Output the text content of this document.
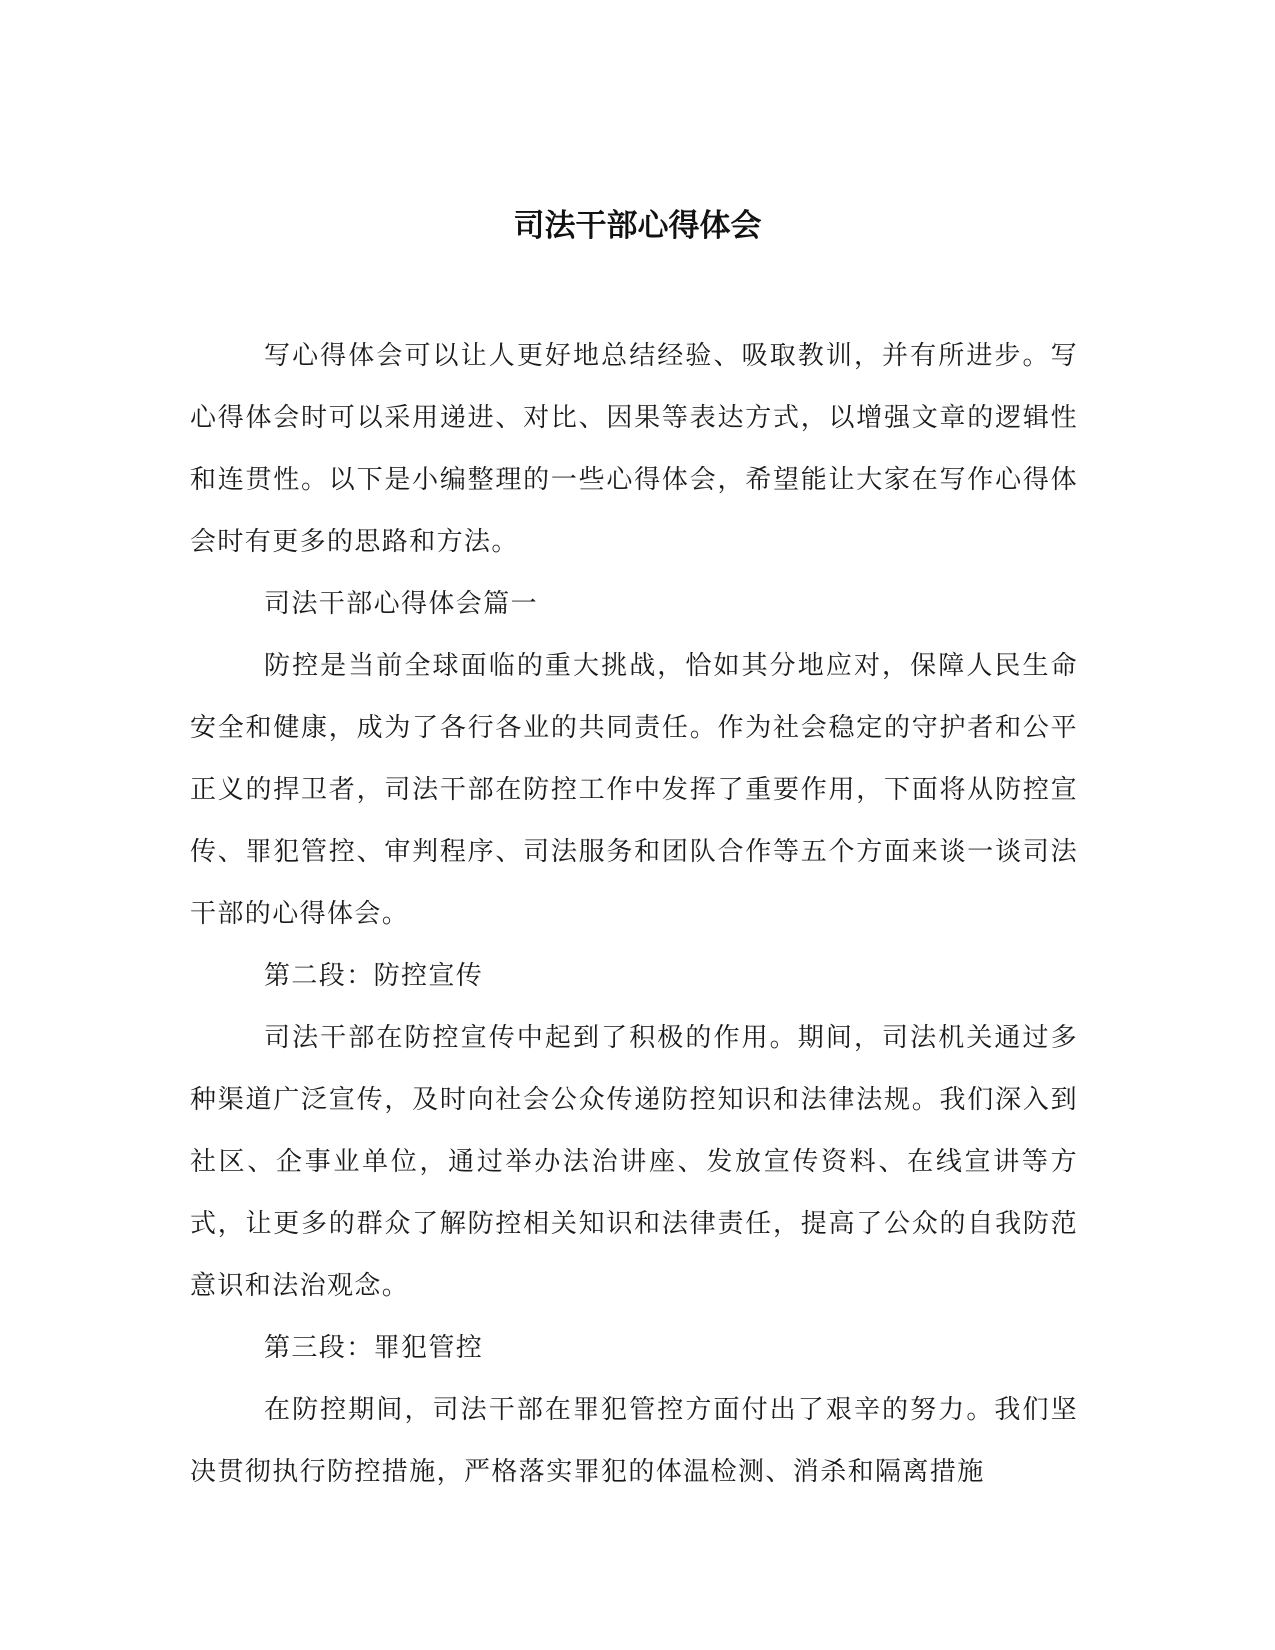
司法干部心得体会

写心得体会可以让人更好地总结经验、吸取教训，并有所进步。写心得体会时可以采用递进、对比、因果等表达方式，以增强文章的逻辑性和连贯性。以下是小编整理的一些心得体会，希望能让大家在写作心得体会时有更多的思路和方法。

司法干部心得体会篇一

防控是当前全球面临的重大挑战，恰如其分地应对，保障人民生命安全和健康，成为了各行各业的共同责任。作为社会稳定的守护者和公平正义的捍卫者，司法干部在防控工作中发挥了重要作用，下面将从防控宣传、罪犯管控、审判程序、司法服务和团队合作等五个方面来谈一谈司法干部的心得体会。

第二段：防控宣传

司法干部在防控宣传中起到了积极的作用。期间，司法机关通过多种渠道广泛宣传，及时向社会公众传递防控知识和法律法规。我们深入到社区、企事业单位，通过举办法治讲座、发放宣传资料、在线宣讲等方式，让更多的群众了解防控相关知识和法律责任，提高了公众的自我防范意识和法治观念。

第三段：罪犯管控

在防控期间，司法干部在罪犯管控方面付出了艰辛的努力。我们坚决贯彻执行防控措施，严格落实罪犯的体温检测、消杀和隔离措施
